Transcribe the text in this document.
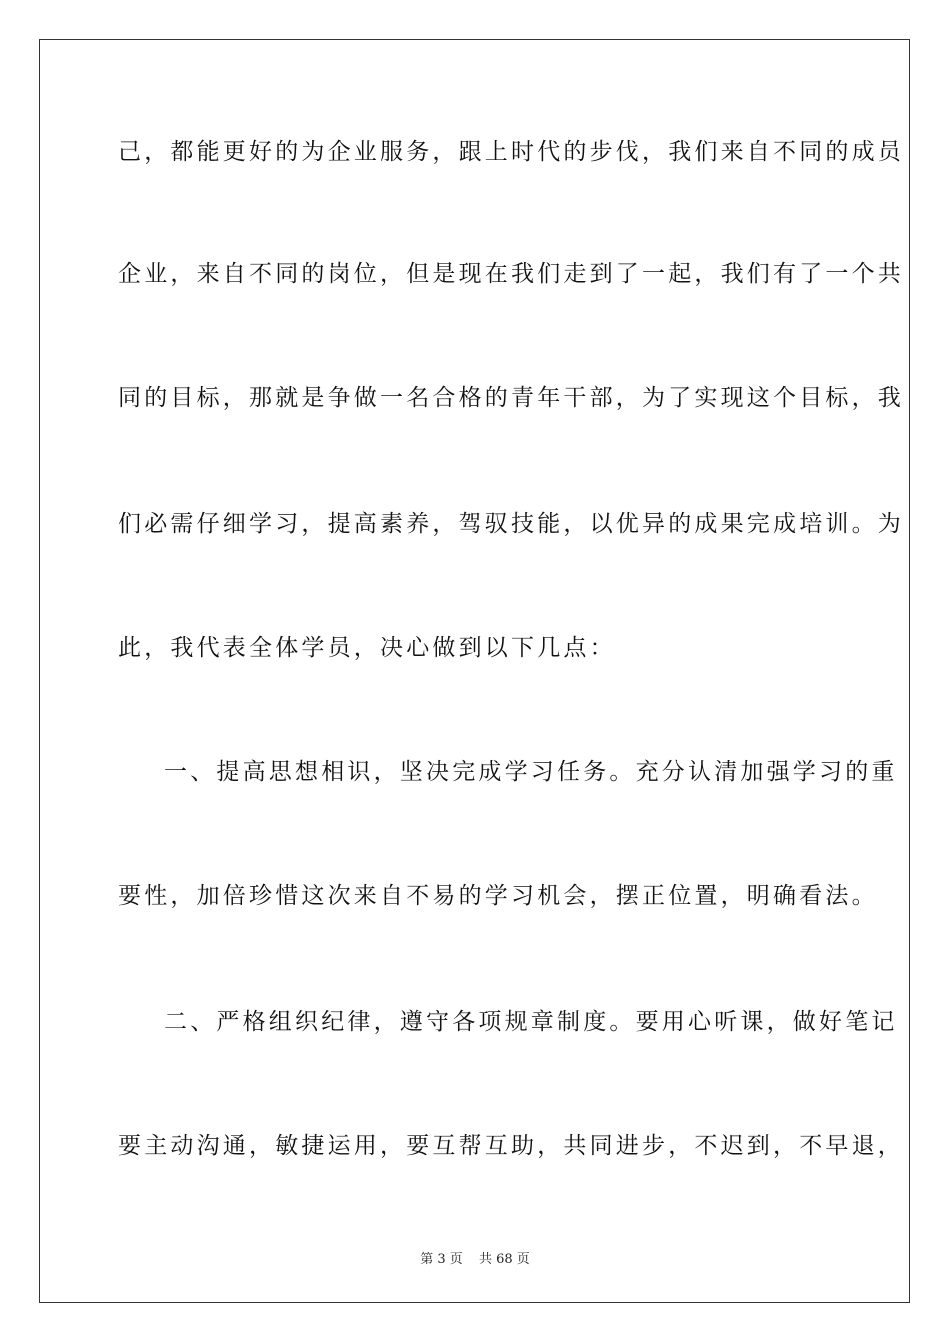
己，都能更好的为企业服务，跟上时代的步伐，我们来自不同的成员
企业，来自不同的岗位，但是现在我们走到了一起，我们有了一个共
同的目标，那就是争做一名合格的青年干部，为了实现这个目标，我
们必需仔细学习，提高素养，驾驭技能，以优异的成果完成培训。为
此，我代表全体学员，决心做到以下几点：
一、提高思想相识，坚决完成学习任务。充分认清加强学习的重
要性，加倍珍惜这次来自不易的学习机会，摆正位置，明确看法。
二、严格组织纪律，遵守各项规章制度。要用心听课，做好笔记
要主动沟通，敏捷运用，要互帮互助，共同进步，不迟到，不早退，
第 3 页 共 68 页
